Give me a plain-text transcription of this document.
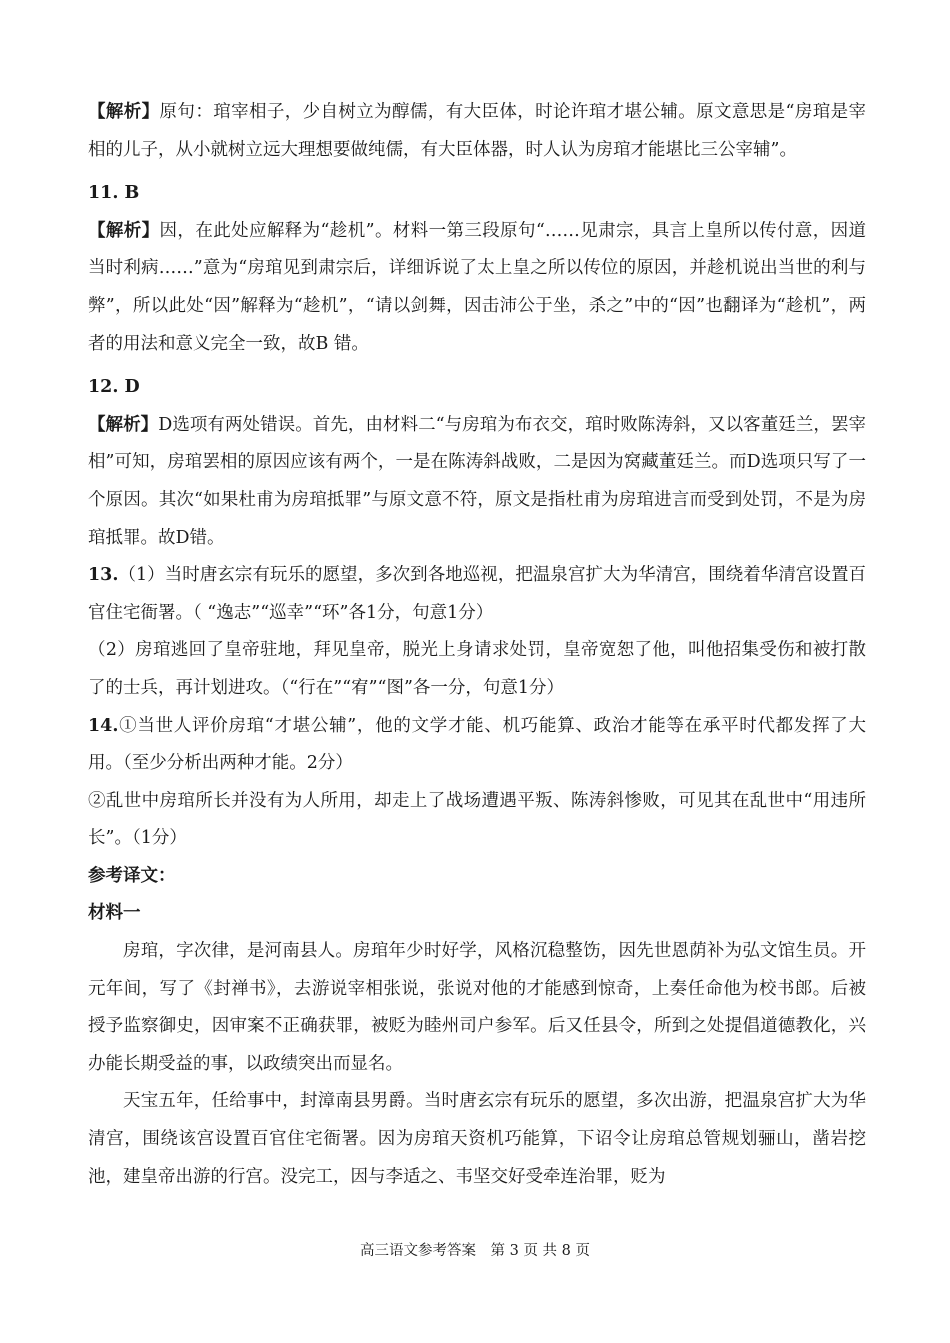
【解析】原句：琯宰相子，少自树立为醇儒，有大臣体，时论许琯才堪公辅。原文意思是“房琯是宰相的儿子，从小就树立远大理想要做纯儒，有大臣体器，时人认为房琯才能堪比三公宰辅”。

11. B

【解析】因，在此处应解释为“趁机”。材料一第三段原句“……见肃宗，具言上皇所以传付意，因道当时利病……”意为“房琯见到肃宗后，详细诉说了太上皇之所以传位的原因，并趁机说出当世的利与弊”，所以此处“因”解释为“趁机”，“请以剑舞，因击沛公于坐，杀之”中的“因”也翻译为“趁机”，两者的用法和意义完全一致，故B 错。

12. D

【解析】D选项有两处错误。首先，由材料二“与房琯为布衣交，琯时败陈涛斜，又以客董廷兰，罢宰相”可知，房琯罢相的原因应该有两个，一是在陈涛斜战败，二是因为窝藏董廷兰。而D选项只写了一个原因。其次“如果杜甫为房琯抵罪”与原文意不符，原文是指杜甫为房琯进言而受到处罚，不是为房琯抵罪。故D错。

13.（1）当时唐玄宗有玩乐的愿望，多次到各地巡视，把温泉宫扩大为华清宫，围绕着华清宫设置百官住宅衙署。（ “逸志”“巡幸”“环”各1分，句意1分）

（2）房琯逃回了皇帝驻地，拜见皇帝，脱光上身请求处罚，皇帝宽恕了他，叫他招集受伤和被打散了的士兵，再计划进攻。（“行在”“宥”“图”各一分，句意1分）

14.①当世人评价房琯“才堪公辅”，他的文学才能、机巧能算、政治才能等在承平时代都发挥了大用。（至少分析出两种才能。2分）

②乱世中房琯所长并没有为人所用，却走上了战场遭遇平叛、陈涛斜惨败，可见其在乱世中“用违所长”。（1分）

参考译文：

材料一

房琯，字次律，是河南县人。房琯年少时好学，风格沉稳整饬，因先世恩荫补为弘文馆生员。开元年间，写了《封禅书》，去游说宰相张说，张说对他的才能感到惊奇，上奏任命他为校书郎。后被授予监察御史，因审案不正确获罪，被贬为睦州司户参军。后又任县令，所到之处提倡道德教化，兴办能长期受益的事，以政绩突出而显名。

天宝五年，任给事中，封漳南县男爵。当时唐玄宗有玩乐的愿望，多次出游，把温泉宫扩大为华清宫，围绕该宫设置百官住宅衙署。因为房琯天资机巧能算，下诏令让房琯总管规划骊山，凿岩挖池，建皇帝出游的行宫。没完工，因与李适之、韦坚交好受牵连治罪，贬为

高三语文参考答案　第 3 页 共 8 页
